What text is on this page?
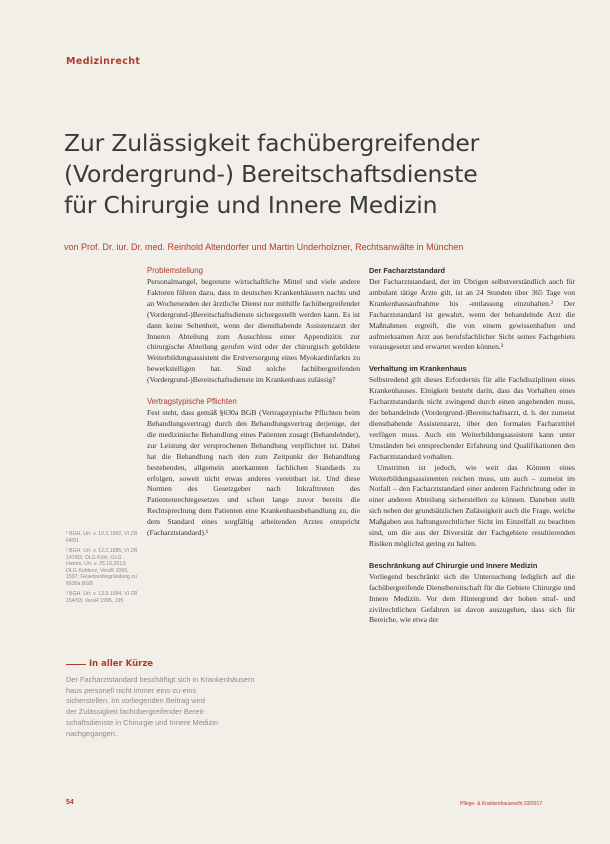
Medizinrecht
Zur Zulässigkeit fachübergreifender
(Vordergrund-) Bereitschaftsdienste
für Chirurgie und Innere Medizin
von Prof. Dr. iur. Dr. med. Reinhold Altendorfer und Martin Underholzner, Rechtsanwälte in München
Problemstellung

Personalmangel, begrenzte wirtschaftliche Mittel und viele andere Faktoren führen dazu, dass in deutschen Krankenhäusern nachts und an Wochenenden der ärztliche Dienst nur mithilfe fachübergreifender (Vordergrund-)Bereitschaftsdienste sichergestellt werden kann. Es ist dann keine Seltenheit, wenn der diensthabende Assistenzarzt der Inneren Abteilung zum Ausschluss einer Appendizitis zur chirurgische Abteilung gerufen wird oder der chirurgisch gebildete Weiterbildungsassistent die Erstversorgung eines Myokardinfarkts zu bewerkstelligen hat. Sind solche fachübergreifenden (Vordergrund-)Bereitschaftsdienste im Krankenhaus zulässig?

Vertragstypische Pflichten

Fest steht, dass gemäß §630a BGB (Vertragstypische Pflichten beim Behandlungsvertrag) durch den Behandlungsvertrag derjenige, der die medizinische Behandlung eines Patienten zusagt (Behandelnder), zur Leistung der versprochenen Behandlung verpflichtet ist. Dabei hat die Behandlung nach den zum Zeitpunkt der Behandlung bestehenden, allgemein anerkannten fachlichen Standards zu erfolgen, soweit nicht etwas anderes vereinbart ist. Und diese Normen des Gesetzgeber nach Inkrafttreten des Patientenrechtegesetzes und schon lange zuvor bereits die Rechtsprechung dem Patienten eine Krankenhausbehandlung zu, die dem Standard eines sorgfältig arbeitenden Arztes entspricht (Facharztstandard).¹

Der Facharztstandard

Der Facharztstandard, der im Übrigen selbstverständlich auch für ambulant tätige Ärzte gilt, ist an 24 Stunden über 365 Tage von Krankenhausaufnahme bis -entlassung einzuhalten.² Der Facharztstandard ist gewahrt, wenn der behandelnde Arzt die Maßnahmen ergreift, die von einem gewissenhaften und aufmerksamen Arzt aus berufsfachlicher Sicht seines Fachgebiets vorausgesetzt und erwartet werden können.³

Verhaltung im Krankenhaus

Selbstredend gilt dieses Erfordernis für alle Fachdisziplinen eines Krankenhauses. Einigkeit besteht darin, dass das Vorhalten eines Facharztstandards nicht zwingend durch einen angehenden muss, der behandelnde (Vordergrund-)Bereitschaftsarzt, d. h. der zumeist diensthabende Assistenzarzt, über den formalen Facharzttitel verfügen muss. Auch ein Weiterbildungsassistent kann unter Umständen bei entsprechender Erfahrung und Qualifikationen den Facharztstandard vorhalten.

Umstritten ist jedoch, wie weit das Können eines Weiterbildungsassistenten reichen muss, um auch – zumeist im Notfall – den Facharztstandard einer anderen Fachrichtung oder in einer anderen Abteilung sicherstellen zu können. Daneben stellt sich neben der grundsätzlichen Zulässigkeit auch die Frage, welche Maßgaben aus haftungsrechtlicher Sicht im Einzelfall zu beachten sind, um die aus der Diversität der Fachgebiete resultierenden Risiken möglichst gering zu halten.

Beschränkung auf Chirurgie und Innere Medizin

Vorliegend beschränkt sich die Untersuchung lediglich auf die fachübergreifende Dienstbereitschaft für die Gebiete Chirurgie und Innere Medizin. Vor dem Hintergrund der hohen straf- und zivilrechtlichen Gefahren ist davon auszugehen, dass sich für Bereiche, wie etwa der

¹ BGH, Urt. v. 10.3.1992, VI ZR 64/91
² BGH, Urt. v. 12.2.1985, VI ZR 147/83; OLG Köln, OLG Hamm, Urt. v. 25.10.2013; OLG Koblenz, VersR 2000, 1507; Gesetzesbegründung zu §630a BGB
³ BGH, Urt. v. 13.9.1994, VI ZR 154/93; VersR 1995, 195
In aller Kürze
Der Facharztstandard beschäftigt sich in Krankenhäusern
haus personell nicht immer eins-zu-eins
sicherstellen. Im vorliegenden Beitrag wird
der Zulässigkeit fachübergreifender Bereit-
schaftsdienste in Chirurgie und Innere Medizin
nachgegangen.
54	Pflege- & Krankenhausrecht 03/2017
